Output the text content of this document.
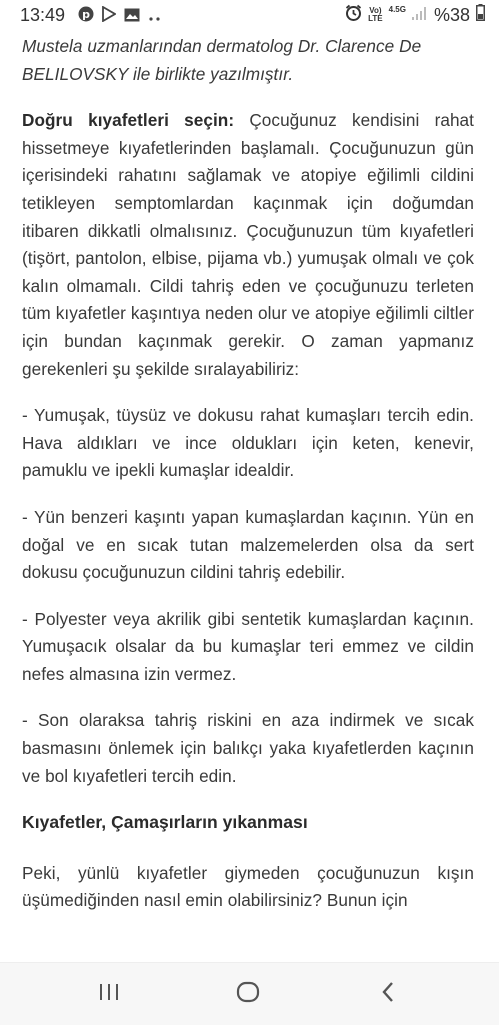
13:49 p	Vo)
LTE
4.5G %38

Mustela uzmanlarından dermatolog Dr. Clarence De BELILOVSKY ile birlikte yazılmıştır.

Doğru kıyafetleri seçin: Çocuğunuz kendisini rahat hissetmeye kıyafetlerinden başlamalı. Çocuğunuzun gün içerisindeki rahatını sağlamak ve atopiye eğilimli cildini tetikleyen semptomlardan kaçınmak için doğumdan itibaren dikkatli olmalısınız. Çocuğunuzun tüm kıyafetleri (tişört, pantolon, elbise, pijama vb.) yumuşak olmalı ve çok kalın olmamalı. Cildi tahriş eden ve çocuğunuzu terleten tüm kıyafetler kaşıntıya neden olur ve atopiye eğilimli ciltler için bundan kaçınmak gerekir. O zaman yapmanız gerekenleri şu şekilde sıralayabiliriz:

- Yumuşak, tüysüz ve dokusu rahat kumaşları tercih edin. Hava aldıkları ve ince oldukları için keten, kenevir, pamuklu ve ipekli kumaşlar idealdir.

- Yün benzeri kaşıntı yapan kumaşlardan kaçının. Yün en doğal ve en sıcak tutan malzemelerden olsa da sert dokusu çocuğunuzun cildini tahriş edebilir.

- Polyester veya akrilik gibi sentetik kumaşlardan kaçının. Yumuşacık olsalar da bu kumaşlar teri emmez ve cildin nefes almasına izin vermez.

- Son olaraksa tahriş riskini en aza indirmek ve sıcak basmasını önlemek için balıkçı yaka kıyafetlerden kaçının ve bol kıyafetleri tercih edin.

Kıyafetler, Çamaşırların yıkanması

Peki, yünlü kıyafetler giymeden çocuğunuzun kışın üşümediğinden nasıl emin olabilirsiniz? Bunun için
